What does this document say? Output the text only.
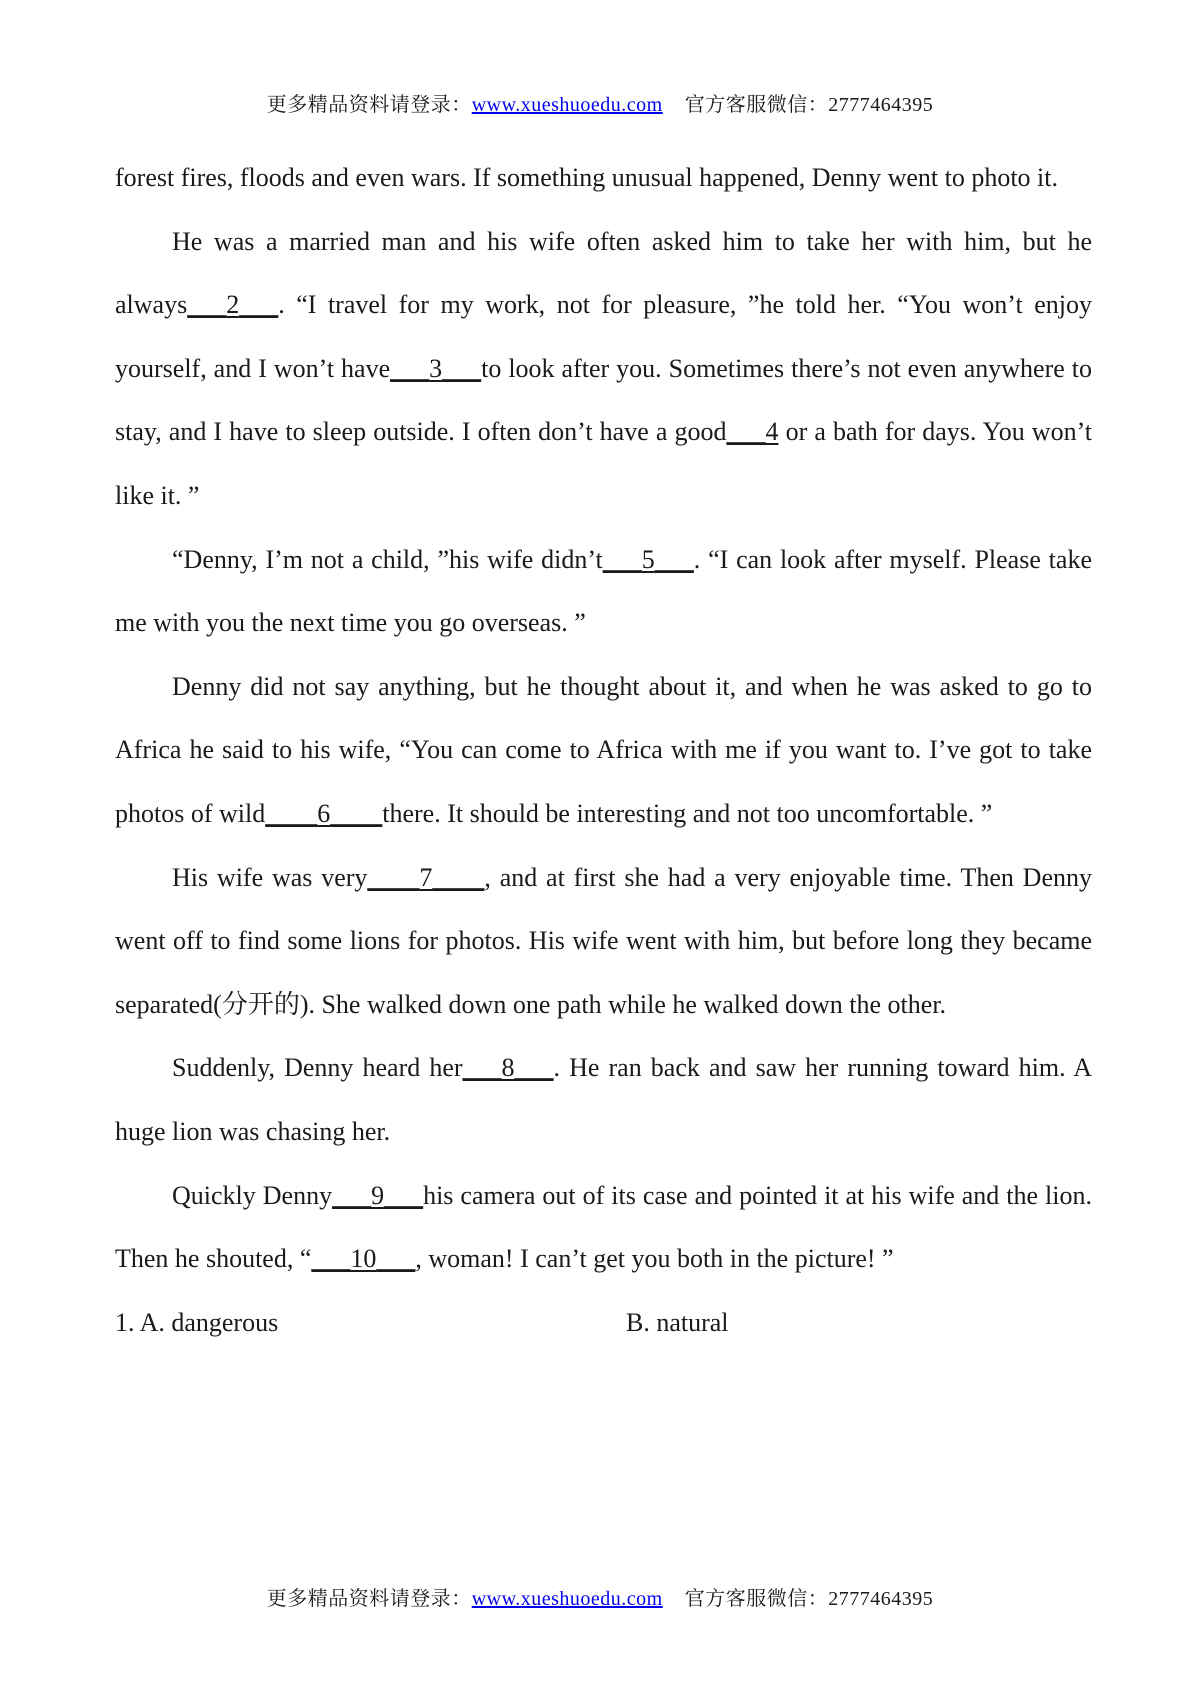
更多精品资料请登录：www.xueshuoedu.com 官方客服微信：2777464395

forest fires, floods and even wars. If something unusual happened, Denny went to photo it.

He was a married man and his wife often asked him to take her with him, but he always___2___. “I travel for my work, not for pleasure, ”he told her. “You won’t enjoy yourself, and I won’t have___3___to look after you. Sometimes there’s not even anywhere to stay, and I have to sleep outside. I often don’t have a good___4 or a bath for days. You won’t like it. ”

“Denny, I’m not a child, ”his wife didn’t___5___. “I can look after myself. Please take me with you the next time you go overseas. ”

Denny did not say anything, but he thought about it, and when he was asked to go to Africa he said to his wife, “You can come to Africa with me if you want to. I’ve got to take photos of wild____6____there. It should be interesting and not too uncomfortable. ”

His wife was very____7____, and at first she had a very enjoyable time. Then Denny went off to find some lions for photos. His wife went with him, but before long they became separated(分开的). She walked down one path while he walked down the other.

Suddenly, Denny heard her___8___. He ran back and saw her running toward him. A huge lion was chasing her.

Quickly Denny___9___his camera out of its case and pointed it at his wife and the lion. Then he shouted, “___10___, woman! I can’t get you both in the picture! ”

1. A. dangerous	B. natural
更多精品资料请登录：www.xueshuoedu.com 官方客服微信：2777464395
